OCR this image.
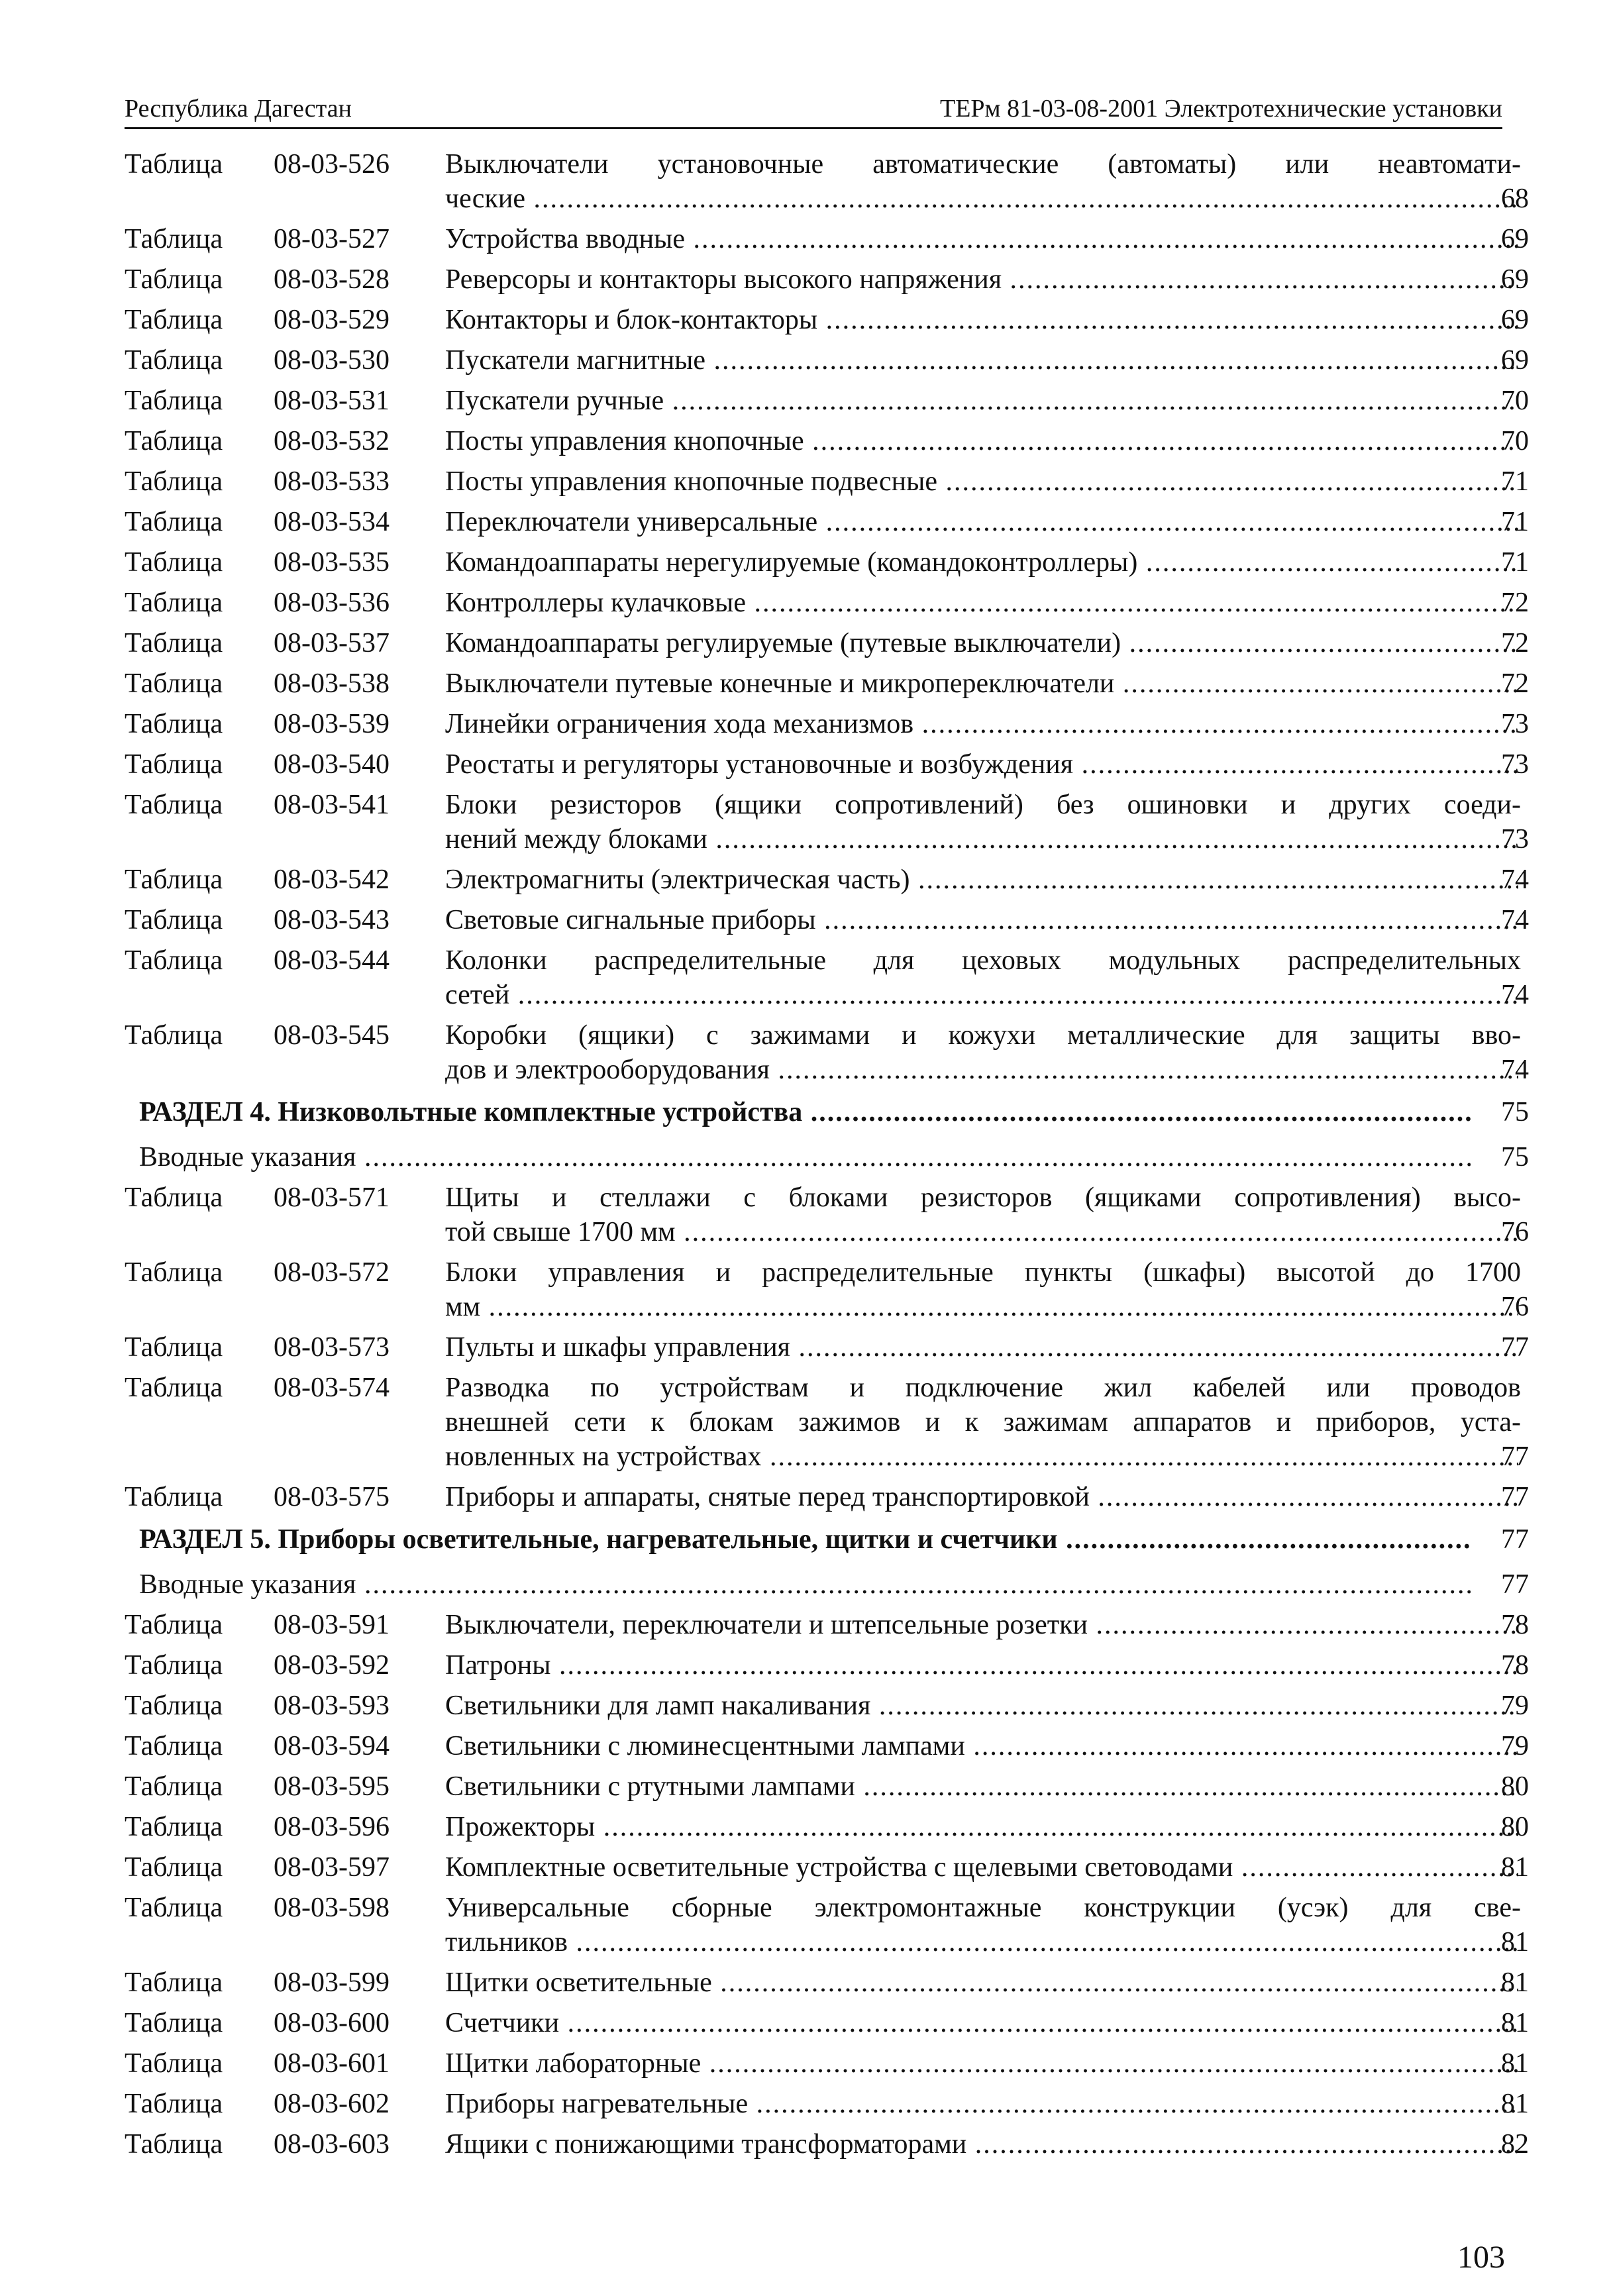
Республика Дагестан	ТЕРм 81-03-08-2001 Электротехнические установки
Таблица	08-03-526	Выключатели установочные автоматические (автоматы) или неавтомати-
ческие .....	68
Таблица	08-03-527	Устройства вводные .....	69
Таблица	08-03-528	Реверсоры и контакторы высокого напряжения .....	69
Таблица	08-03-529	Контакторы и блок-контакторы .....	69
Таблица	08-03-530	Пускатели магнитные .....	69
Таблица	08-03-531	Пускатели ручные .....	70
Таблица	08-03-532	Посты управления кнопочные .....	70
Таблица	08-03-533	Посты управления кнопочные подвесные .....	71
Таблица	08-03-534	Переключатели универсальные .....	71
Таблица	08-03-535	Командоаппараты нерегулируемые (командоконтроллеры) .....	71
Таблица	08-03-536	Контроллеры кулачковые .....	72
Таблица	08-03-537	Командоаппараты регулируемые (путевые выключатели) .....	72
Таблица	08-03-538	Выключатели путевые конечные и микропереключатели .....	72
Таблица	08-03-539	Линейки ограничения хода механизмов .....	73
Таблица	08-03-540	Реостаты и регуляторы установочные и возбуждения .....	73
Таблица	08-03-541	Блоки резисторов (ящики сопротивлений) без ошиновки и других соеди-
нений между блоками .....	73
Таблица	08-03-542	Электромагниты (электрическая часть) .....	74
Таблица	08-03-543	Световые сигнальные приборы .....	74
Таблица	08-03-544	Колонки распределительные для цеховых модульных распределительных
сетей .....	74
Таблица	08-03-545	Коробки (ящики) с зажимами и кожухи металлические для защиты вво-
дов и электрооборудования .....	74
РАЗДЕЛ 4. Низковольтные комплектные устройства .....	75
Вводные указания .....	75
Таблица	08-03-571	Щиты и стеллажи с блоками резисторов (ящиками сопротивления) высо-
той свыше 1700 мм .....	76
Таблица	08-03-572	Блоки управления и распределительные пункты (шкафы) высотой до 1700
мм .....	76
Таблица	08-03-573	Пульты и шкафы управления .....	77
Таблица	08-03-574	Разводка по устройствам и подключение жил кабелей или проводов
внешней сети к блокам зажимов и к зажимам аппаратов и приборов, уста-
новленных на устройствах .....	77
Таблица	08-03-575	Приборы и аппараты, снятые перед транспортировкой .....	77
РАЗДЕЛ 5. Приборы осветительные, нагревательные, щитки и счетчики .....	77
Вводные указания .....	77
Таблица	08-03-591	Выключатели, переключатели и штепсельные розетки .....	78
Таблица	08-03-592	Патроны .....	78
Таблица	08-03-593	Светильники для ламп накаливания .....	79
Таблица	08-03-594	Светильники с люминесцентными лампами .....	79
Таблица	08-03-595	Светильники с ртутными лампами .....	80
Таблица	08-03-596	Прожекторы .....	80
Таблица	08-03-597	Комплектные осветительные устройства с щелевыми световодами .....	81
Таблица	08-03-598	Универсальные сборные электромонтажные конструкции (усэк) для све-
тильников .....	81
Таблица	08-03-599	Щитки осветительные .....	81
Таблица	08-03-600	Счетчики .....	81
Таблица	08-03-601	Щитки лабораторные .....	81
Таблица	08-03-602	Приборы нагревательные .....	81
Таблица	08-03-603	Ящики с понижающими трансформаторами .....	82
103
